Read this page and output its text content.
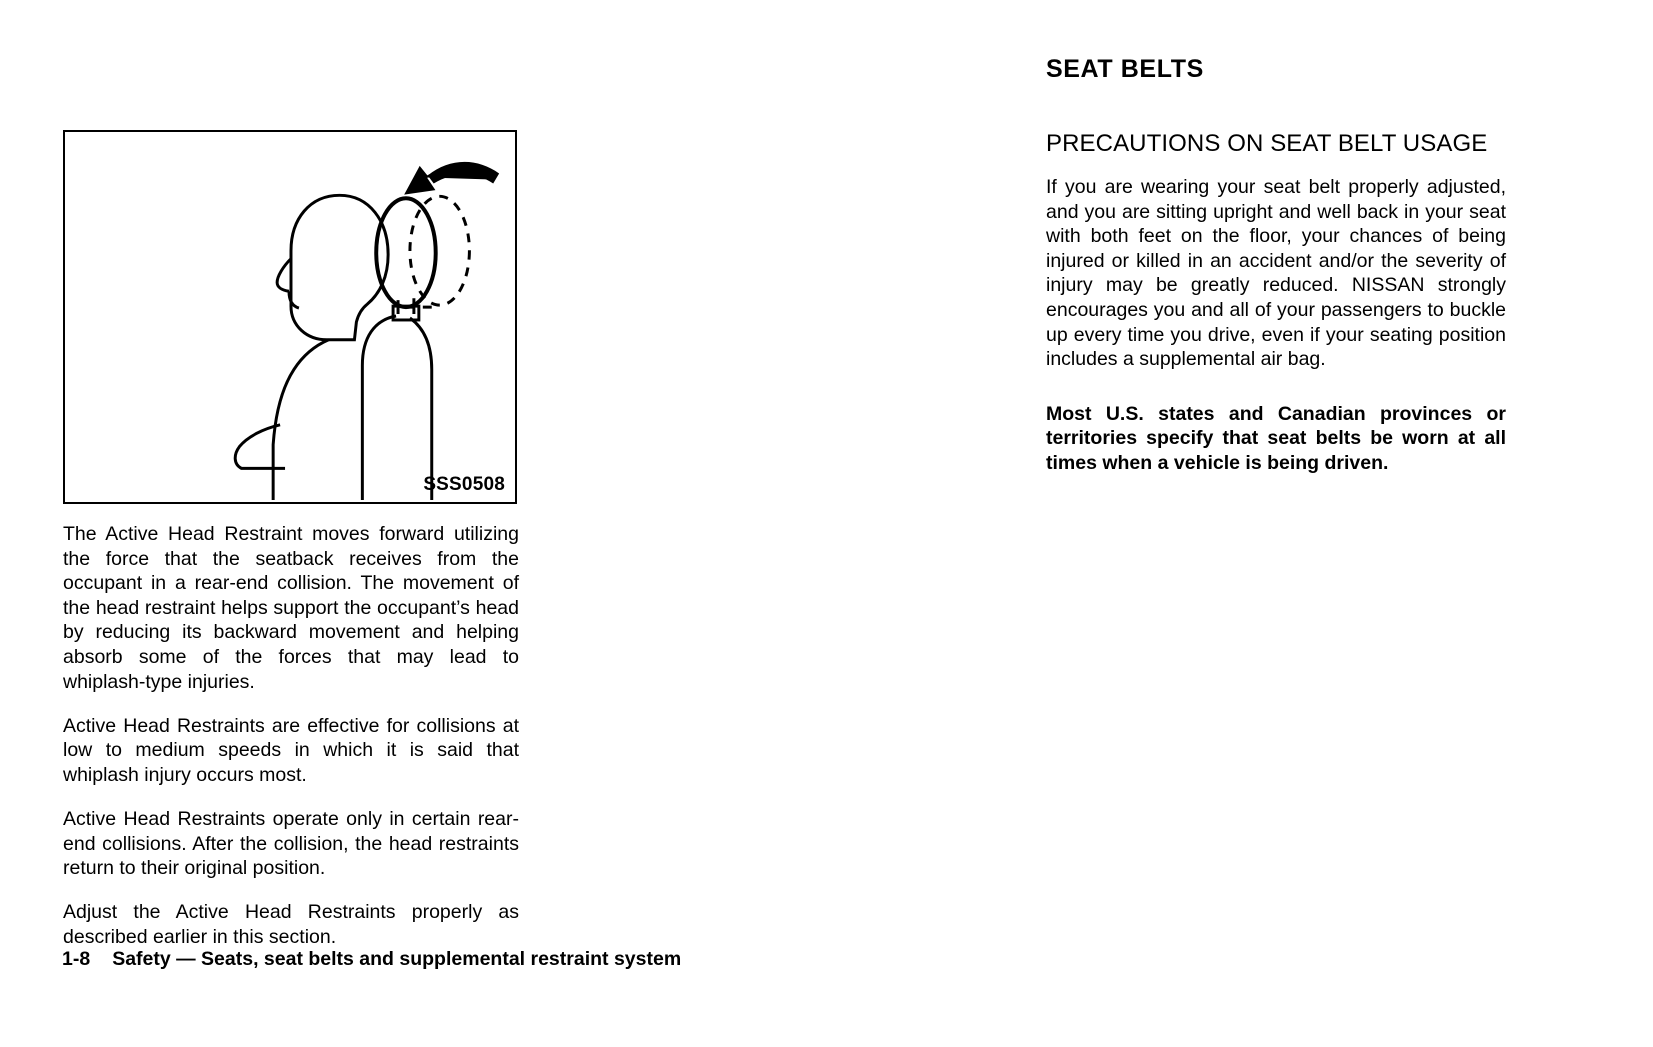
SSS0508

The Active Head Restraint moves forward utilizing the force that the seatback receives from the occupant in a rear-end collision. The movement of the head restraint helps support the occupant’s head by reducing its backward movement and helping absorb some of the forces that may lead to whiplash-type injuries.

Active Head Restraints are effective for collisions at low to medium speeds in which it is said that whiplash injury occurs most.

Active Head Restraints operate only in certain rear-end collisions. After the collision, the head restraints return to their original position.

Adjust the Active Head Restraints properly as described earlier in this section.

SEAT BELTS
PRECAUTIONS ON SEAT BELT USAGE

If you are wearing your seat belt properly adjusted, and you are sitting upright and well back in your seat with both feet on the floor, your chances of being injured or killed in an accident and/or the severity of injury may be greatly reduced. NISSAN strongly encourages you and all of your passengers to buckle up every time you drive, even if your seating position includes a supplemental air bag.

Most U.S. states and Canadian provinces or territories specify that seat belts be worn at all times when a vehicle is being driven.

1-8 Safety — Seats, seat belts and supplemental restraint system
